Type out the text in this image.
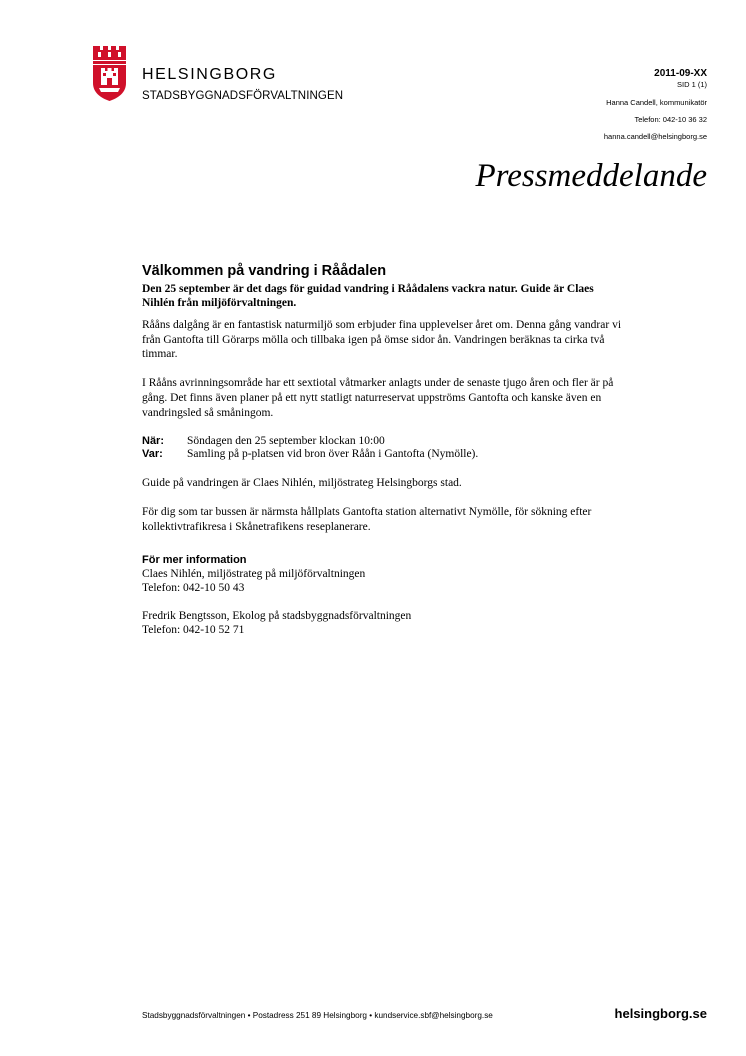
HELSINGBORG
STADSBYGGNADSFÖRVALTNINGEN
2011-09-XX
SID 1 (1)
Hanna Candell, kommunikatör
Telefon: 042-10 36 32
hanna.candell@helsingborg.se
Pressmeddelande
Välkommen på vandring i Råådalen

Den 25 september är det dags för guidad vandring i Råådalens vackra natur. Guide är Claes Nihlén från miljöförvaltningen.

Rååns dalgång är en fantastisk naturmiljö som erbjuder fina upplevelser året om. Denna gång vandrar vi från Gantofta till Görarps mölla och tillbaka igen på ömse sidor ån. Vandringen beräknas ta cirka två timmar.

I Rååns avrinningsområde har ett sextiotal våtmarker anlagts under de senaste tjugo åren och fler är på gång. Det finns även planer på ett nytt statligt naturreservat uppströms Gantofta och kanske även en vandringsled så småningom.

När:	Söndagen den 25 september klockan 10:00
Var:	Samling på p-platsen vid bron över Råån i Gantofta (Nymölle).

Guide på vandringen är Claes Nihlén, miljöstrateg Helsingborgs stad.

För dig som tar bussen är närmsta hållplats Gantofta station alternativt Nymölle, för sökning efter kollektivtrafikresa i Skånetrafikens reseplanerare.

För mer information
Claes Nihlén, miljöstrateg på miljöförvaltningen
Telefon: 042-10 50 43
Fredrik Bengtsson, Ekolog på stadsbyggnadsförvaltningen
Telefon: 042-10 52 71
Stadsbyggnadsförvaltningen • Postadress 251 89 Helsingborg • kundservice.sbf@helsingborg.se	helsingborg.se
